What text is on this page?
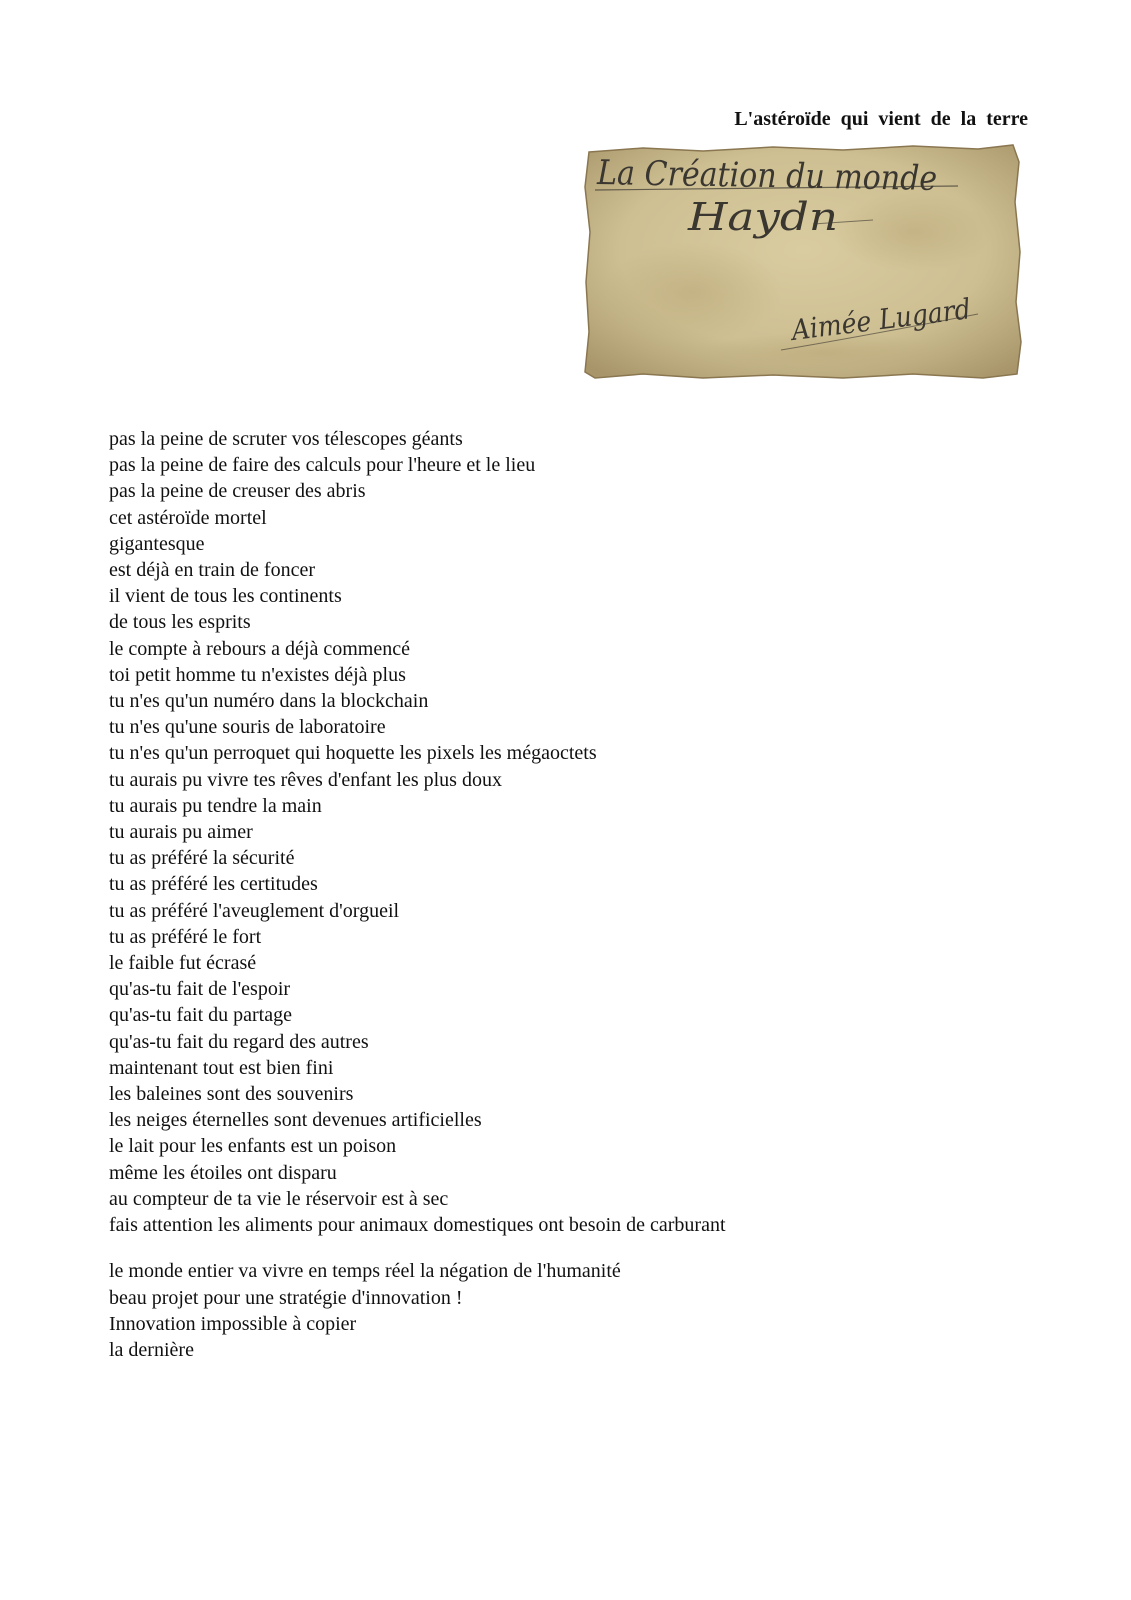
L'astéroïde qui vient de la terre
La Création du monde
Haydn
Aimée Lugard
pas la peine de scruter vos télescopes géants
pas la peine de faire des calculs pour l'heure et le lieu
pas la peine de creuser des abris
cet astéroïde mortel
gigantesque
est déjà en train de foncer
il vient de tous les continents
de tous les esprits
le compte à rebours a déjà commencé
toi petit homme tu n'existes déjà plus
tu n'es qu'un numéro dans la blockchain
tu n'es qu'une souris de laboratoire
tu n'es qu'un perroquet qui hoquette les pixels les mégaoctets
tu aurais pu vivre tes rêves d'enfant les plus doux
tu aurais pu tendre la main
tu aurais pu aimer
tu as préféré la sécurité
tu as préféré les certitudes
tu as préféré l'aveuglement d'orgueil
tu as préféré le fort
le faible fut écrasé
qu'as-tu fait de l'espoir
qu'as-tu fait du partage
qu'as-tu fait du regard des autres
maintenant tout est bien fini
les baleines sont des souvenirs
les neiges éternelles sont devenues artificielles
le lait pour les enfants est un poison
même les étoiles ont disparu
au compteur de ta vie le réservoir est à sec
fais attention les aliments pour animaux domestiques ont besoin de carburant
le monde entier va vivre en temps réel la négation de l'humanité
beau projet pour une stratégie d'innovation !
Innovation impossible à copier
la dernière
